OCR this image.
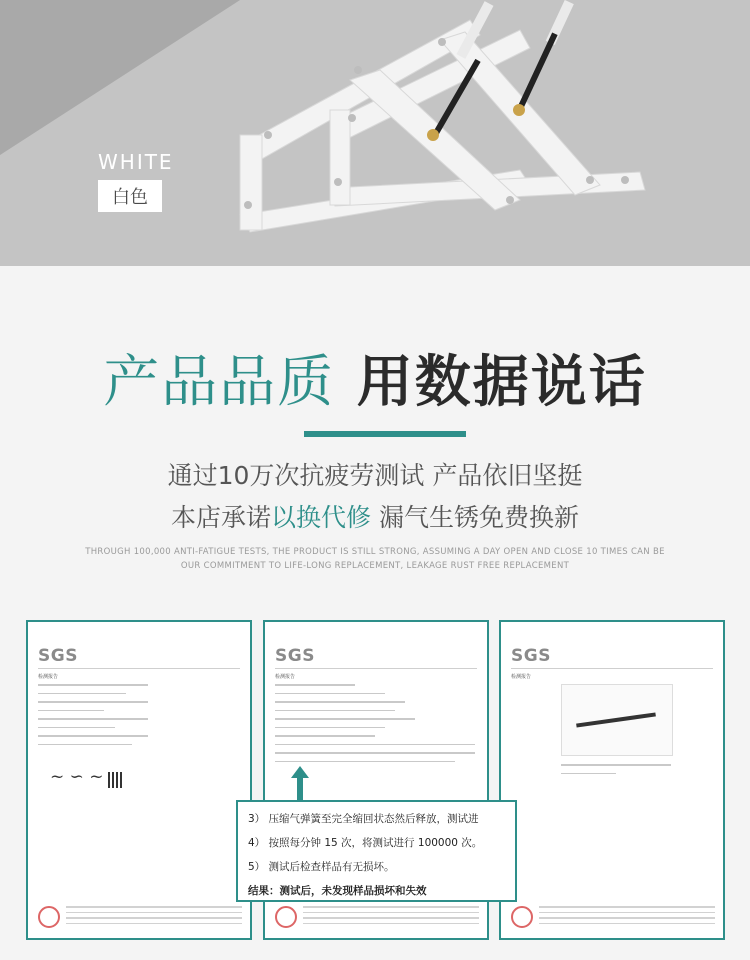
WHITE
白色
产品品质 用数据说话
通过10万次抗疲劳测试 产品依旧坚挺
本店承诺以换代修 漏气生锈免费换新
THROUGH 100,000 ANTI-FATIGUE TESTS, THE PRODUCT IS STILL STRONG, ASSUMING A DAY OPEN AND CLOSE 10 TIMES CAN BE
OUR COMMITMENT TO LIFE-LONG REPLACEMENT, LEAKAGE RUST FREE REPLACEMENT
SGS
检测报告
~ ∽ ~
SGS
检测报告
SGS
检测报告
3） 压缩气弹簧至完全缩回状态然后释放，测试进
4） 按照每分钟 15 次，将测试进行 100000 次。
5） 测试后检查样品有无损坏。
结果：测试后，未发现样品损坏和失效
